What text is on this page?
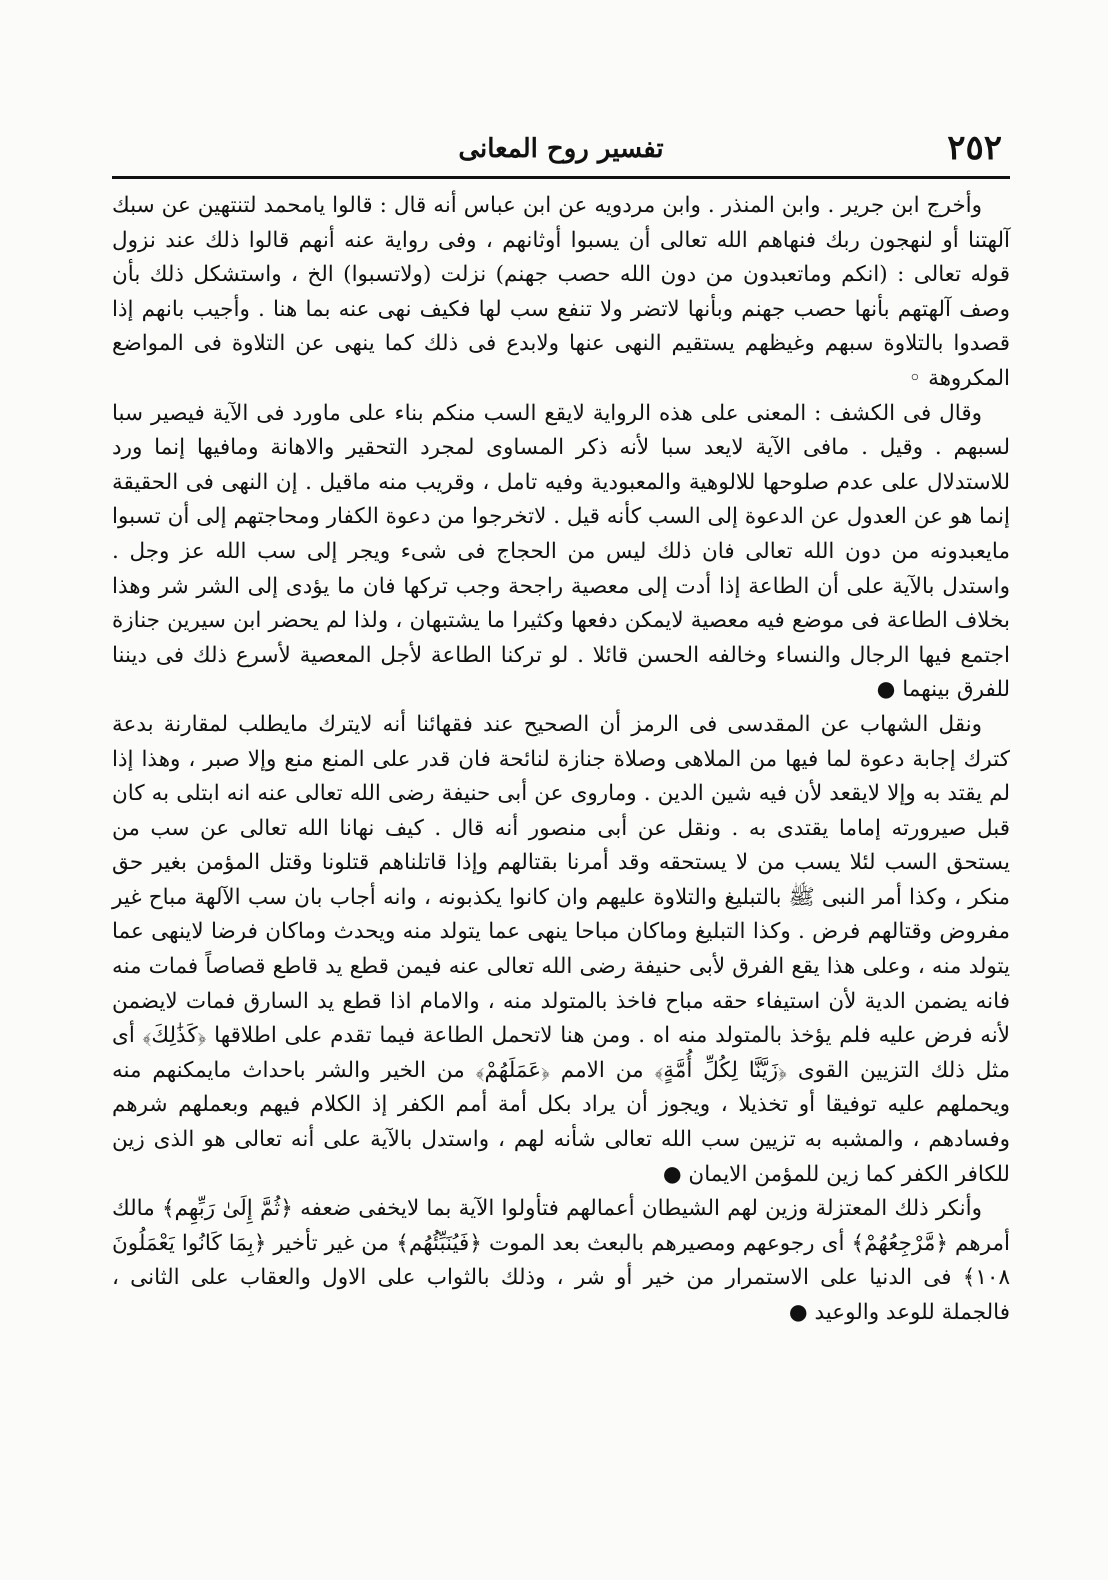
٢٥٢
تفسير روح المعانى

وأخرج ابن جرير . وابن المنذر . وابن مردويه عن ابن عباس أنه قال : قالوا يامحمد لتنتهين عن سبك آلهتنا أو لنهجون ربك فنهاهم الله تعالى أن يسبوا أوثانهم ، وفى رواية عنه أنهم قالوا ذلك عند نزول قوله تعالى : (انكم وماتعبدون من دون الله حصب جهنم) نزلت (ولاتسبوا) الخ ، واستشكل ذلك بأن وصف آلهتهم بأنها حصب جهنم وبأنها لاتضر ولا تنفع سب لها فكيف نهى عنه بما هنا . وأجيب بانهم إذا قصدوا بالتلاوة سبهم وغيظهم يستقيم النهى عنها ولابدع فى ذلك كما ينهى عن التلاوة فى المواضع المكروهة ◦

وقال فى الكشف : المعنى على هذه الرواية لايقع السب منكم بناء على ماورد فى الآية فيصير سبا لسبهم . وقيل . مافى الآية لايعد سبا لأنه ذكر المساوى لمجرد التحقير والاهانة ومافيها إنما ورد للاستدلال على عدم صلوحها للالوهية والمعبودية وفيه تامل ، وقريب منه ماقيل . إن النهى فى الحقيقة إنما هو عن العدول عن الدعوة إلى السب كأنه قيل . لاتخرجوا من دعوة الكفار ومحاجتهم إلى أن تسبوا مايعبدونه من دون الله تعالى فان ذلك ليس من الحجاج فى شىء ويجر إلى سب الله عز وجل . واستدل بالآية على أن الطاعة إذا أدت إلى معصية راجحة وجب تركها فان ما يؤدى إلى الشر شر وهذا بخلاف الطاعة فى موضع فيه معصية لايمكن دفعها وكثيرا ما يشتبهان ، ولذا لم يحضر ابن سيرين جنازة اجتمع فيها الرجال والنساء وخالفه الحسن قائلا . لو تركنا الطاعة لأجل المعصية لأسرع ذلك فى ديننا للفرق بينهما ●

ونقل الشهاب عن المقدسى فى الرمز أن الصحيح عند فقهائنا أنه لايترك مايطلب لمقارنة بدعة كترك إجابة دعوة لما فيها من الملاهى وصلاة جنازة لنائحة فان قدر على المنع منع وإلا صبر ، وهذا إذا لم يقتد به وإلا لايقعد لأن فيه شين الدين . وماروى عن أبى حنيفة رضى الله تعالى عنه انه ابتلى به كان قبل صيرورته إماما يقتدى به . ونقل عن أبى منصور أنه قال . كيف نهانا الله تعالى عن سب من يستحق السب لئلا يسب من لا يستحقه وقد أمرنا بقتالهم وإذا قاتلناهم قتلونا وقتل المؤمن بغير حق منكر ، وكذا أمر النبى ﷺ بالتبليغ والتلاوة عليهم وان كانوا يكذبونه ، وانه أجاب بان سب الآلهة مباح غير مفروض وقتالهم فرض . وكذا التبليغ وماكان مباحا ينهى عما يتولد منه ويحدث وماكان فرضا لاينهى عما يتولد منه ، وعلى هذا يقع الفرق لأبى حنيفة رضى الله تعالى عنه فيمن قطع يد قاطع قصاصاً فمات منه فانه يضمن الدية لأن استيفاء حقه مباح فاخذ بالمتولد منه ، والامام اذا قطع يد السارق فمات لايضمن لأنه فرض عليه فلم يؤخذ بالمتولد منه اه . ومن هنا لاتحمل الطاعة فيما تقدم على اطلاقها ﴿كَذَٰلِكَ﴾ أى مثل ذلك التزيين القوى ﴿زَيَّنَّا لِكُلِّ أُمَّةٍ﴾ من الامم ﴿عَمَلَهُمْ﴾ من الخير والشر باحداث مايمكنهم منه ويحملهم عليه توفيقا أو تخذيلا ، ويجوز أن يراد بكل أمة أمم الكفر إذ الكلام فيهم وبعملهم شرهم وفسادهم ، والمشبه به تزيين سب الله تعالى شأنه لهم ، واستدل بالآية على أنه تعالى هو الذى زين للكافر الكفر كما زين للمؤمن الايمان ●

وأنكر ذلك المعتزلة وزين لهم الشيطان أعمالهم فتأولوا الآية بما لايخفى ضعفه ﴿ثُمَّ إِلَىٰ رَبِّهِم﴾ مالك أمرهم ﴿مَّرْجِعُهُمْ﴾ أى رجوعهم ومصيرهم بالبعث بعد الموت ﴿فَيُنَبِّئُهُم﴾ من غير تأخير ﴿بِمَا كَانُوا يَعْمَلُونَ ١٠٨﴾ فى الدنيا على الاستمرار من خير أو شر ، وذلك بالثواب على الاول والعقاب على الثانى ، فالجملة للوعد والوعيد ●
